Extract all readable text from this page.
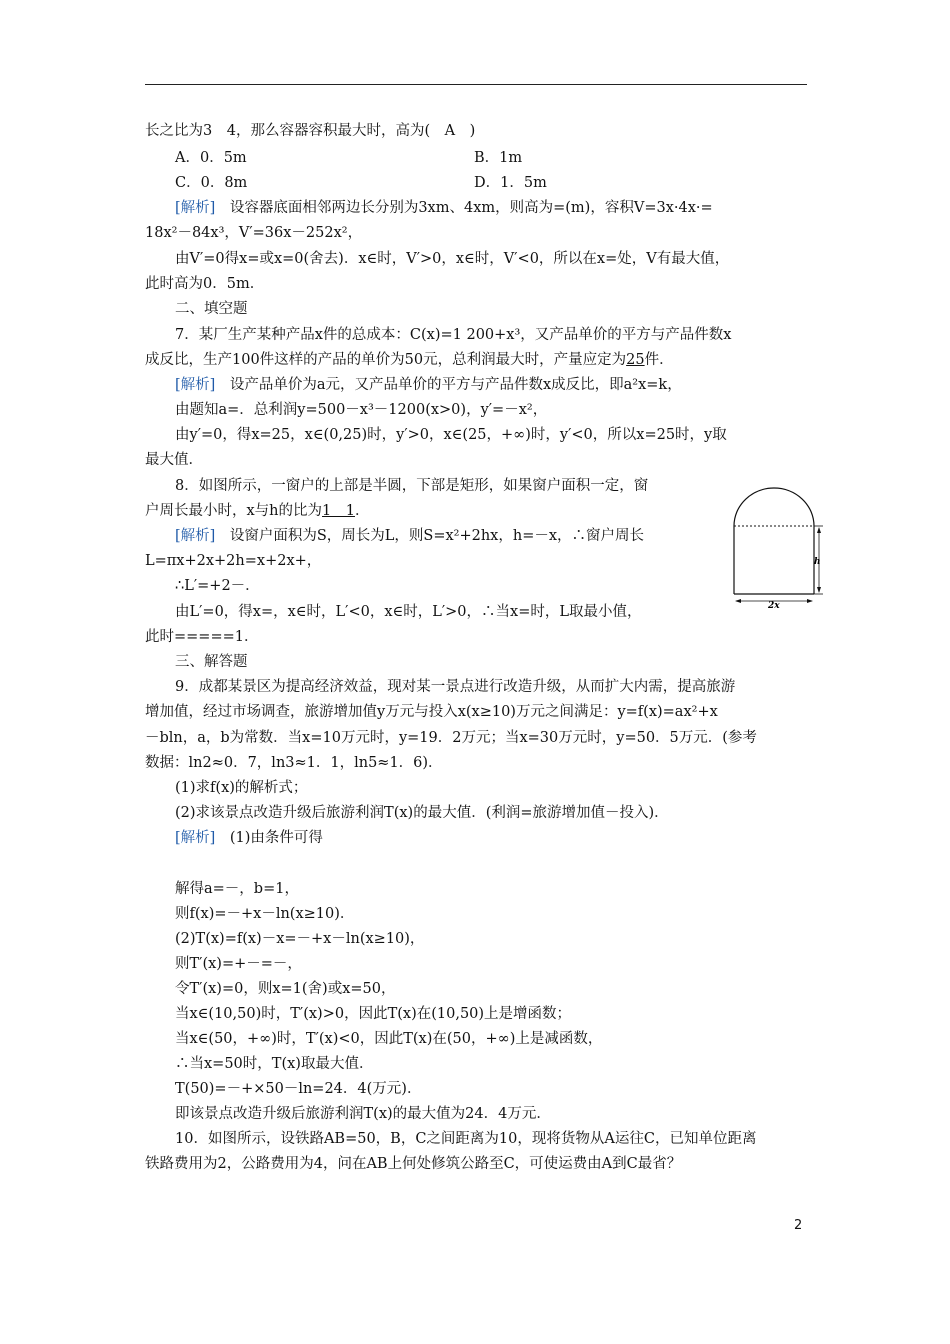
长之比为3　4，那么容器容积最大时，高为(　A　)
A．0．5m	B．1m
C．0．8m	D．1．5m
[解析]　设容器底面相邻两边长分别为3xm、4xm，则高为=(m)，容积V=3x·4x·=
18x²－84x³，V′=36x－252x²，
由V′=0得x=或x=0(舍去)．x∈时，V′>0，x∈时，V′<0，所以在x=处，V有最大值，
此时高为0．5m．
二、填空题
7．某厂生产某种产品x件的总成本：C(x)=1 200+x³，又产品单价的平方与产品件数x
成反比，生产100件这样的产品的单价为50元，总利润最大时，产量应定为25件．
[解析]　设产品单价为a元，又产品单价的平方与产品件数x成反比，即a²x=k，
由题知a=．总利润y=500－x³－1200(x>0)，y′=－x²，
由y′=0，得x=25，x∈(0,25)时，y′>0，x∈(25，+∞)时，y′<0，所以x=25时，y取
最大值．
8．如图所示，一窗户的上部是半圆，下部是矩形，如果窗户面积一定，窗
户周长最小时，x与h的比为1　1．
[解析]　设窗户面积为S，周长为L，则S=x²+2hx，h=－x，∴窗户周长
L=πx+2x+2h=x+2x+，
∴L′=+2－．
由L′=0，得x=，x∈时，L′<0，x∈时，L′>0，∴当x=时，L取最小值，
此时=====1．
三、解答题
9．成都某景区为提高经济效益，现对某一景点进行改造升级，从而扩大内需，提高旅游
增加值，经过市场调查，旅游增加值y万元与投入x(x≥10)万元之间满足：y=f(x)=ax²+x
－bln，a，b为常数．当x=10万元时，y=19．2万元；当x=30万元时，y=50．5万元．(参考
数据：ln2≈0．7，ln3≈1．1，ln5≈1．6)．
(1)求f(x)的解析式；
(2)求该景点改造升级后旅游利润T(x)的最大值．(利润=旅游增加值－投入)．
[解析]　(1)由条件可得
解得a=－，b=1，
则f(x)=－+x－ln(x≥10)．
(2)T(x)=f(x)－x=－+x－ln(x≥10)，
则T′(x)=+－=－，
令T′(x)=0，则x=1(舍)或x=50，
当x∈(10,50)时，T′(x)>0，因此T(x)在(10,50)上是增函数；
当x∈(50，+∞)时，T′(x)<0，因此T(x)在(50，+∞)上是减函数，
∴当x=50时，T(x)取最大值．
T(50)=－+×50－ln=24．4(万元)．
即该景点改造升级后旅游利润T(x)的最大值为24．4万元．
10．如图所示，设铁路AB=50，B，C之间距离为10，现将货物从A运往C，已知单位距离
铁路费用为2，公路费用为4，问在AB上何处修筑公路至C，可使运费由A到C最省？
h
2x
2
